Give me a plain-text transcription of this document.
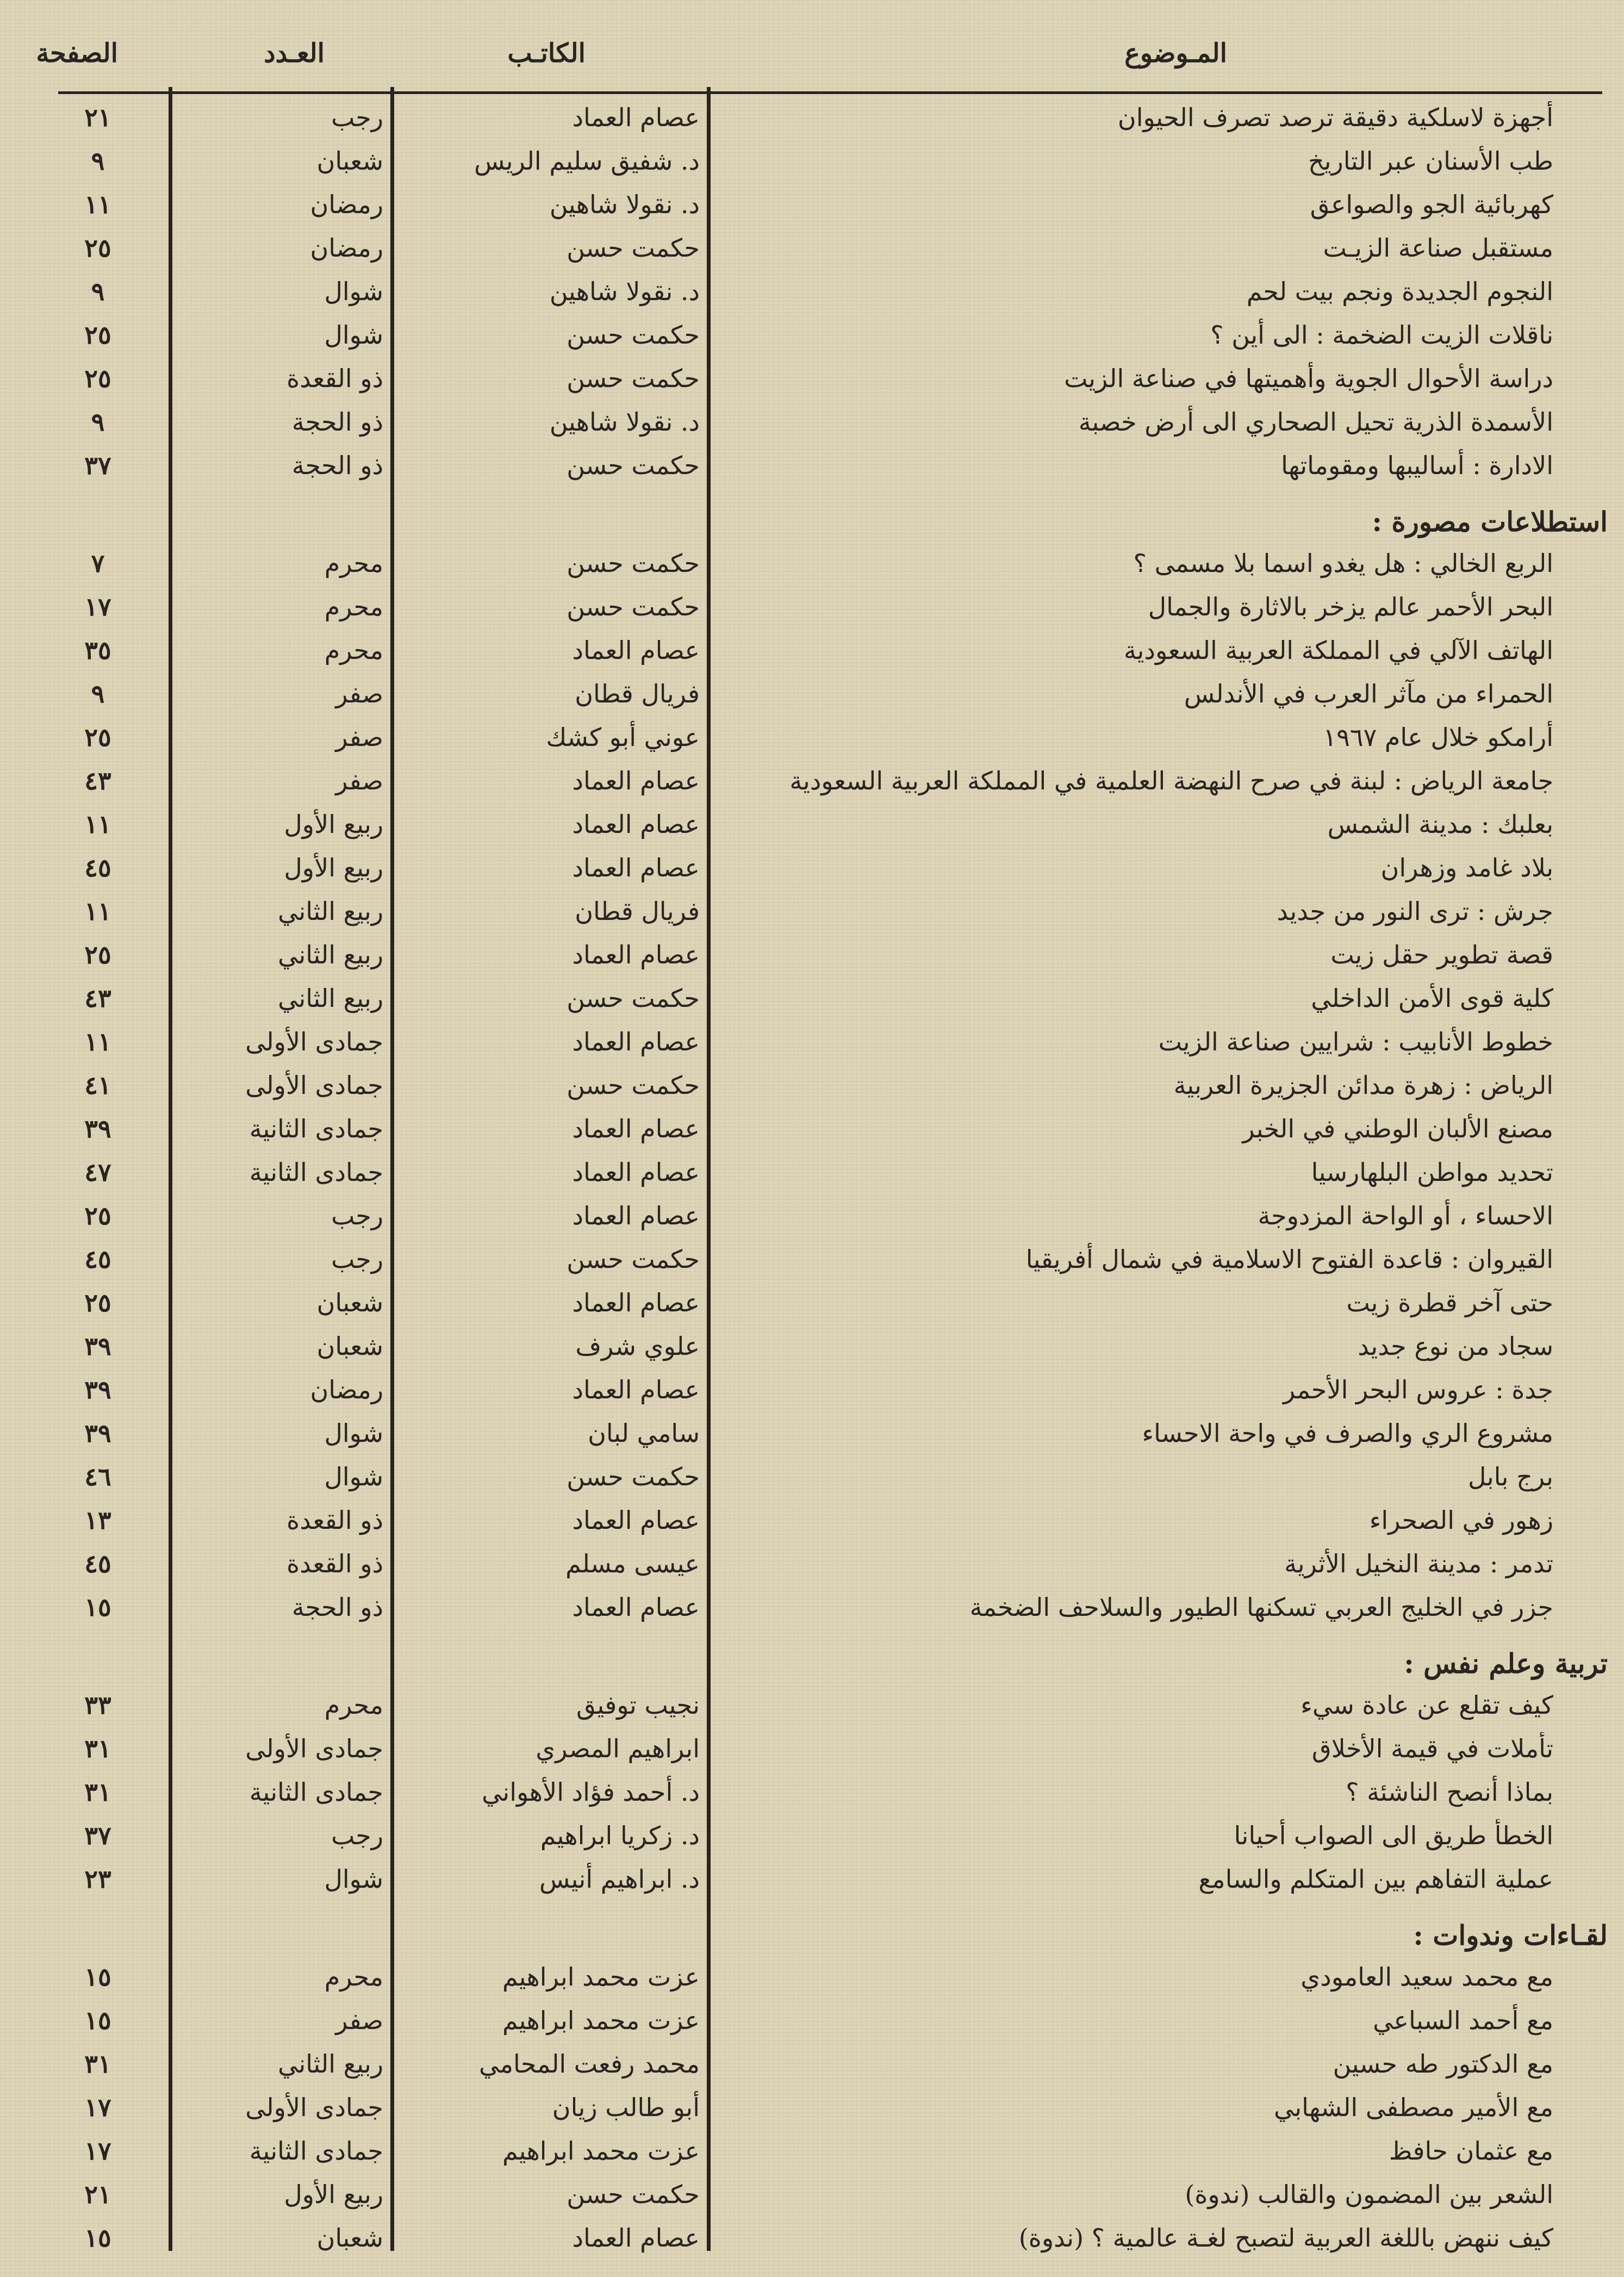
المـوضوع
الكاتـب
العـدد
الصفحة
أجهزة لاسلكية دقيقة ترصد تصرف الحيوان
عصام العماد
رجب
٢١
طب الأسنان عبر التاريخ
د. شفيق سليم الريس
شعبان
٩
كهربائية الجو والصواعق
د. نقولا شاهين
رمضان
١١
مستقبل صناعة الزيـت
حكمت حسن
رمضان
٢٥
النجوم الجديدة ونجم بيت لحم
د. نقولا شاهين
شوال
٩
ناقلات الزيت الضخمة : الى أين ؟
حكمت حسن
شوال
٢٥
دراسة الأحوال الجوية وأهميتها في صناعة الزيت
حكمت حسن
ذو القعدة
٢٥
الأسمدة الذرية تحيل الصحاري الى أرض خصبة
د. نقولا شاهين
ذو الحجة
٩
الادارة : أساليبها ومقوماتها
حكمت حسن
ذو الحجة
٣٧
استطلاعات مصورة :
الربع الخالي : هل يغدو اسما بلا مسمى ؟
حكمت حسن
محرم
٧
البحر الأحمر عالم يزخر بالاثارة والجمال
حكمت حسن
محرم
١٧
الهاتف الآلي في المملكة العربية السعودية
عصام العماد
محرم
٣٥
الحمراء من مآثر العرب في الأندلس
فريال قطان
صفر
٩
أرامكو خلال عام ١٩٦٧
عوني أبو كشك
صفر
٢٥
جامعة الرياض : لبنة في صرح النهضة العلمية في المملكة العربية السعودية
عصام العماد
صفر
٤٣
بعلبك : مدينة الشمس
عصام العماد
ربيع الأول
١١
بلاد غامد وزهران
عصام العماد
ربيع الأول
٤٥
جرش : ترى النور من جديد
فريال قطان
ربيع الثاني
١١
قصة تطوير حقل زيت
عصام العماد
ربيع الثاني
٢٥
كلية قوى الأمن الداخلي
حكمت حسن
ربيع الثاني
٤٣
خطوط الأنابيب : شرايين صناعة الزيت
عصام العماد
جمادى الأولى
١١
الرياض : زهرة مدائن الجزيرة العربية
حكمت حسن
جمادى الأولى
٤١
مصنع الألبان الوطني في الخبر
عصام العماد
جمادى الثانية
٣٩
تحديد مواطن البلهارسيا
عصام العماد
جمادى الثانية
٤٧
الاحساء ، أو الواحة المزدوجة
عصام العماد
رجب
٢٥
القيروان : قاعدة الفتوح الاسلامية في شمال أفريقيا
حكمت حسن
رجب
٤٥
حتى آخر قطرة زيت
عصام العماد
شعبان
٢٥
سجاد من نوع جديد
علوي شرف
شعبان
٣٩
جدة : عروس البحر الأحمر
عصام العماد
رمضان
٣٩
مشروع الري والصرف في واحة الاحساء
سامي لبان
شوال
٣٩
برج بابل
حكمت حسن
شوال
٤٦
زهور في الصحراء
عصام العماد
ذو القعدة
١٣
تدمر : مدينة النخيل الأثرية
عيسى مسلم
ذو القعدة
٤٥
جزر في الخليج العربي تسكنها الطيور والسلاحف الضخمة
عصام العماد
ذو الحجة
١٥
تربية وعلم نفس :
كيف تقلع عن عادة سيء
نجيب توفيق
محرم
٣٣
تأملات في قيمة الأخلاق
ابراهيم المصري
جمادى الأولى
٣١
بماذا أنصح الناشئة ؟
د. أحمد فؤاد الأهواني
جمادى الثانية
٣١
الخطأ طريق الى الصواب أحيانا
د. زكريا ابراهيم
رجب
٣٧
عملية التفاهم بين المتكلم والسامع
د. ابراهيم أنيس
شوال
٢٣
لقـاءات وندوات :
مع محمد سعيد العامودي
عزت محمد ابراهيم
محرم
١٥
مع أحمد السباعي
عزت محمد ابراهيم
صفر
١٥
مع الدكتور طه حسين
محمد رفعت المحامي
ربيع الثاني
٣١
مع الأمير مصطفى الشهابي
أبو طالب زيان
جمادى الأولى
١٧
مع عثمان حافظ
عزت محمد ابراهيم
جمادى الثانية
١٧
الشعر بين المضمون والقالب (ندوة)
حكمت حسن
ربيع الأول
٢١
كيف ننهض باللغة العربية لتصبح لغـة عالمية ؟ (ندوة)
عصام العماد
شعبان
١٥
